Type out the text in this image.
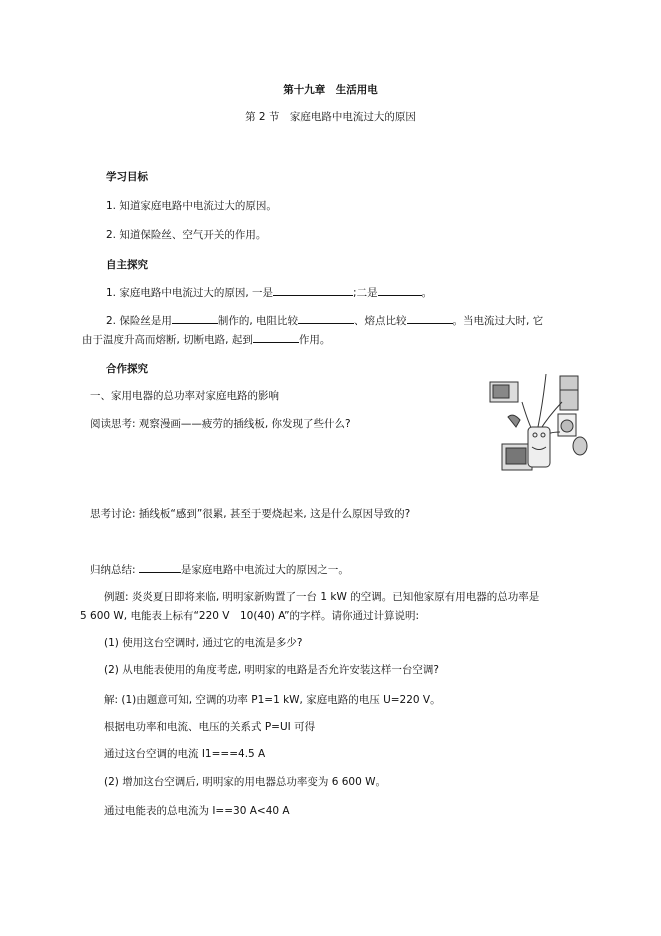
第十九章　生活用电
第 2 节　家庭电路中电流过大的原因
学习目标
1. 知道家庭电路中电流过大的原因。
2. 知道保险丝、空气开关的作用。
自主探究
1. 家庭电路中电流过大的原因, 一是	;二是	。
2. 保险丝是用	制作的, 电阻比较	、熔点比较	。当电流过大时, 它
由于温度升高而熔断, 切断电路, 起到	作用。
合作探究
一、家用电器的总功率对家庭电路的影响
阅读思考: 观察漫画——疲劳的插线板, 你发现了些什么?
思考讨论: 插线板“感到”很累, 甚至于要烧起来, 这是什么原因导致的?
归纳总结:	是家庭电路中电流过大的原因之一。
例题: 炎炎夏日即将来临, 明明家新购置了一台 1 kW 的空调。已知他家原有用电器的总功率是
5 600 W, 电能表上标有“220 V　10(40) A”的字样。请你通过计算说明:
(1) 使用这台空调时, 通过它的电流是多少?
(2) 从电能表使用的角度考虑, 明明家的电路是否允许安装这样一台空调?
解: (1)由题意可知, 空调的功率 P1=1 kW, 家庭电路的电压 U=220 V。
根据电功率和电流、电压的关系式 P=UI 可得
通过这台空调的电流 I1===4.5 A
(2) 增加这台空调后, 明明家的用电器总功率变为 6 600 W。
通过电能表的总电流为 I==30 A<40 A
